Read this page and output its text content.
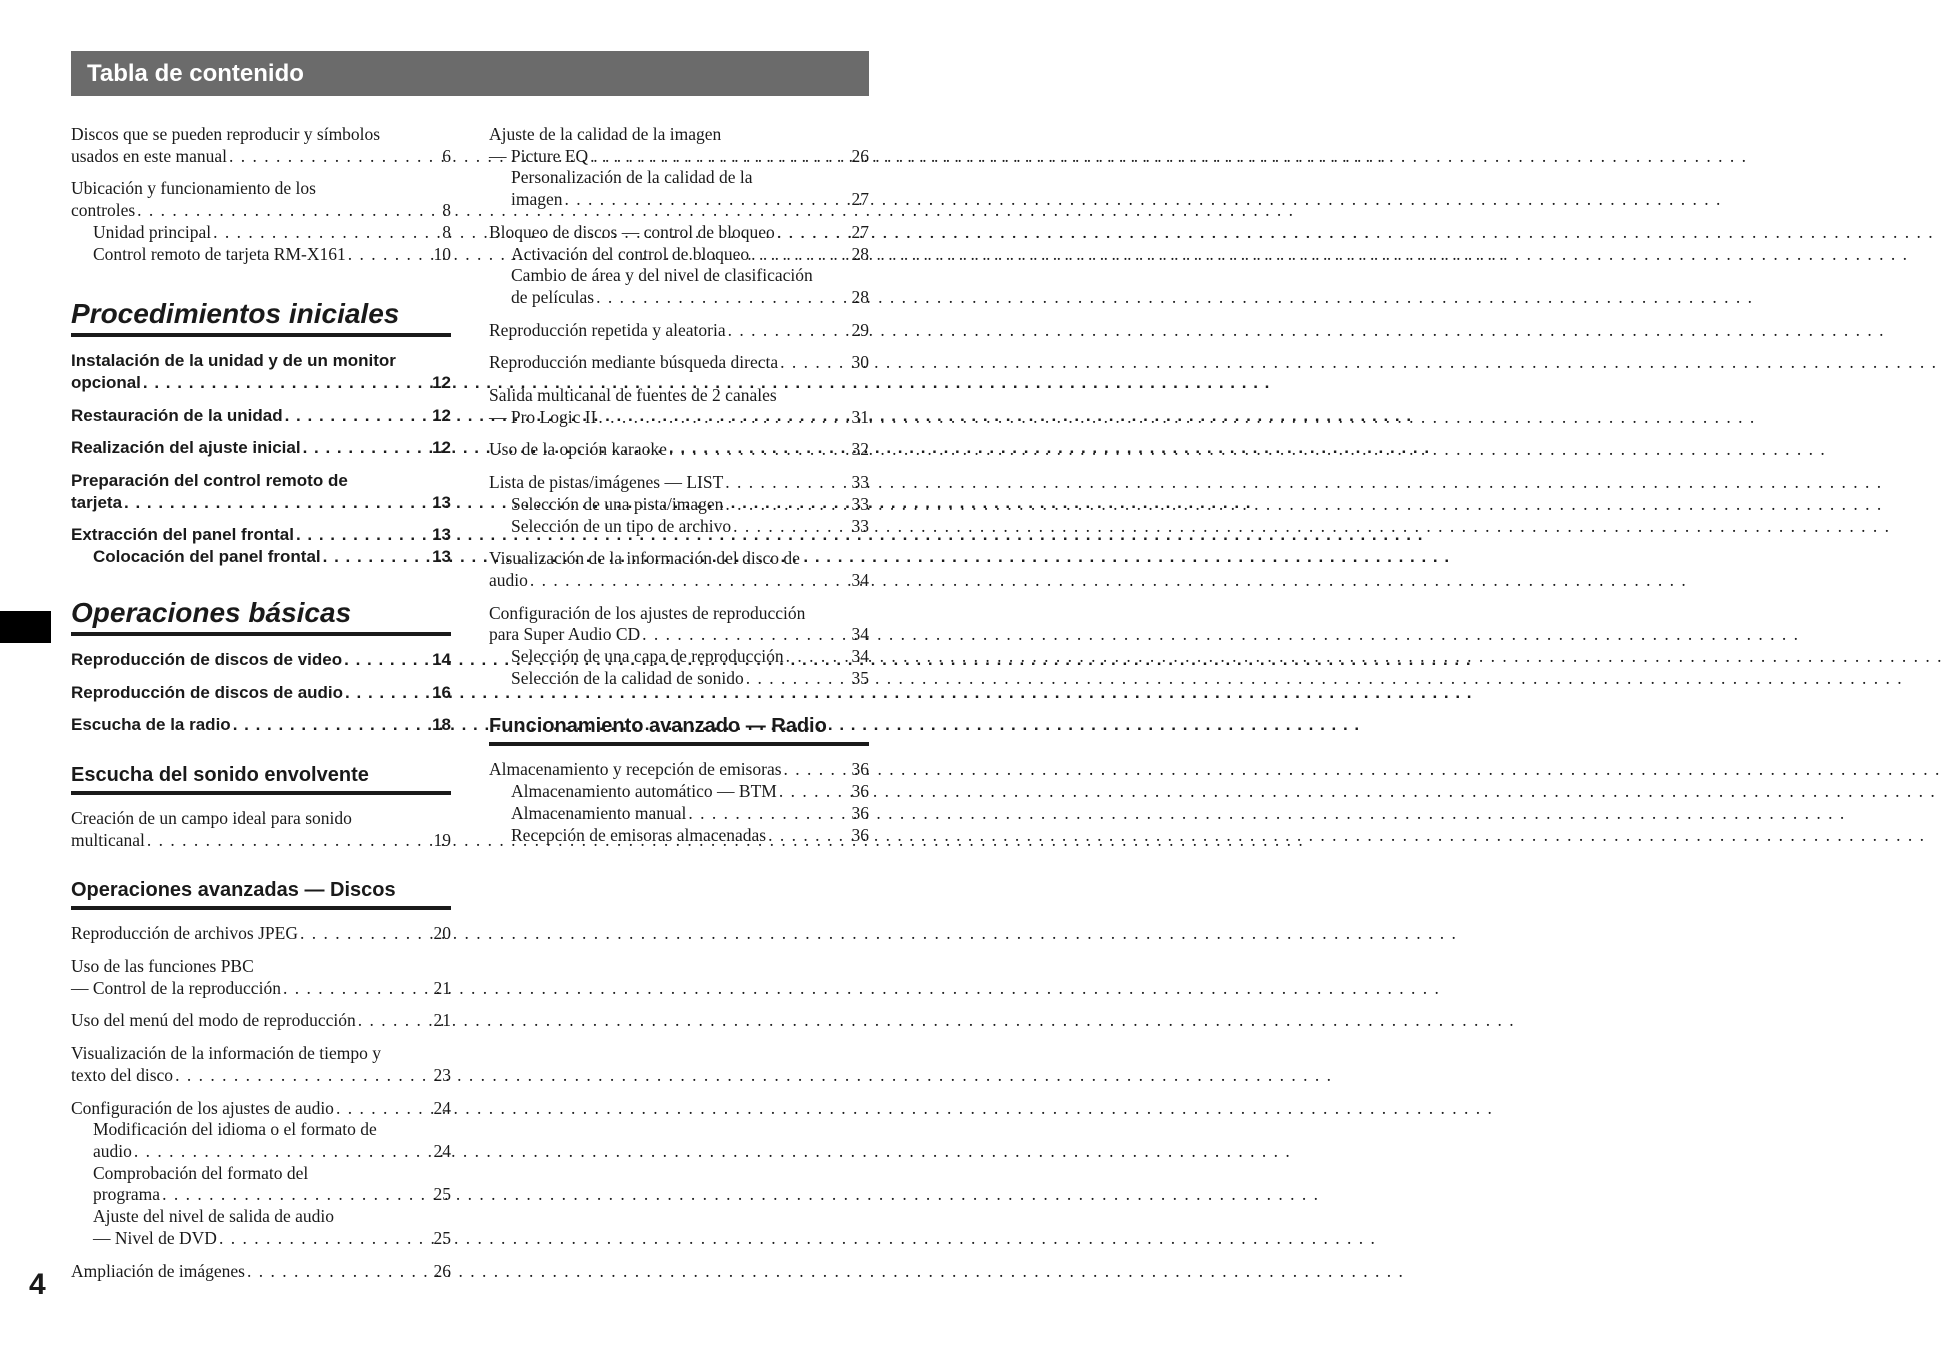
Tabla de contenido
4
Discos que se pueden reproducir y símbolos
usados en este manual . . .	6
Ubicación y funcionamiento de los
controles . . .	8
Unidad principal . . .	8
Control remoto de tarjeta RM-X161 . . .	10
Procedimientos iniciales
Instalación de la unidad y de un monitor
opcional . . .	12
Restauración de la unidad . . .	12
Realización del ajuste inicial . . .	12
Preparación del control remoto de
tarjeta . . .	13
Extracción del panel frontal . . .	13
Colocación del panel frontal . . .	13
Operaciones básicas
Reproducción de discos de video . . .	14
Reproducción de discos de audio . . .	16
Escucha de la radio . . .	18
Escucha del sonido envolvente
Creación de un campo ideal para sonido
multicanal . . .	19
Operaciones avanzadas — Discos
Reproducción de archivos JPEG . . .	20
Uso de las funciones PBC
— Control de la reproducción . . .	21
Uso del menú del modo de reproducción . . .	21
Visualización de la información de tiempo y
texto del disco . . .	23
Configuración de los ajustes de audio . . .	24
Modificación del idioma o el formato de
audio . . .	24
Comprobación del formato del
programa . . .	25
Ajuste del nivel de salida de audio
— Nivel de DVD . . .	25
Ampliación de imágenes . . .	26
Ajuste de la calidad de la imagen
— Picture EQ . . .	26
Personalización de la calidad de la
imagen . . .	27
Bloqueo de discos — control de bloqueo . . .	27
Activación del control de bloqueo . . .	28
Cambio de área y del nivel de clasificación
de películas . . .	28
Reproducción repetida y aleatoria . . .	29
Reproducción mediante búsqueda directa . . .	30
Salida multicanal de fuentes de 2 canales
— Pro Logic II . . .	31
Uso de la opción karaoke . . .	32
Lista de pistas/imágenes — LIST . . .	33
Selección de una pista/imagen . . .	33
Selección de un tipo de archivo . . .	33
Visualización de la información del disco de
audio . . .	34
Configuración de los ajustes de reproducción
para Super Audio CD . . .	34
Selección de una capa de reproducción . . .	34
Selección de la calidad de sonido . . .	35
Funcionamiento avanzado — Radio
Almacenamiento y recepción de emisoras . . .	36
Almacenamiento automático — BTM . . .	36
Almacenamiento manual . . .	36
Recepción de emisoras almacenadas . . .	36
